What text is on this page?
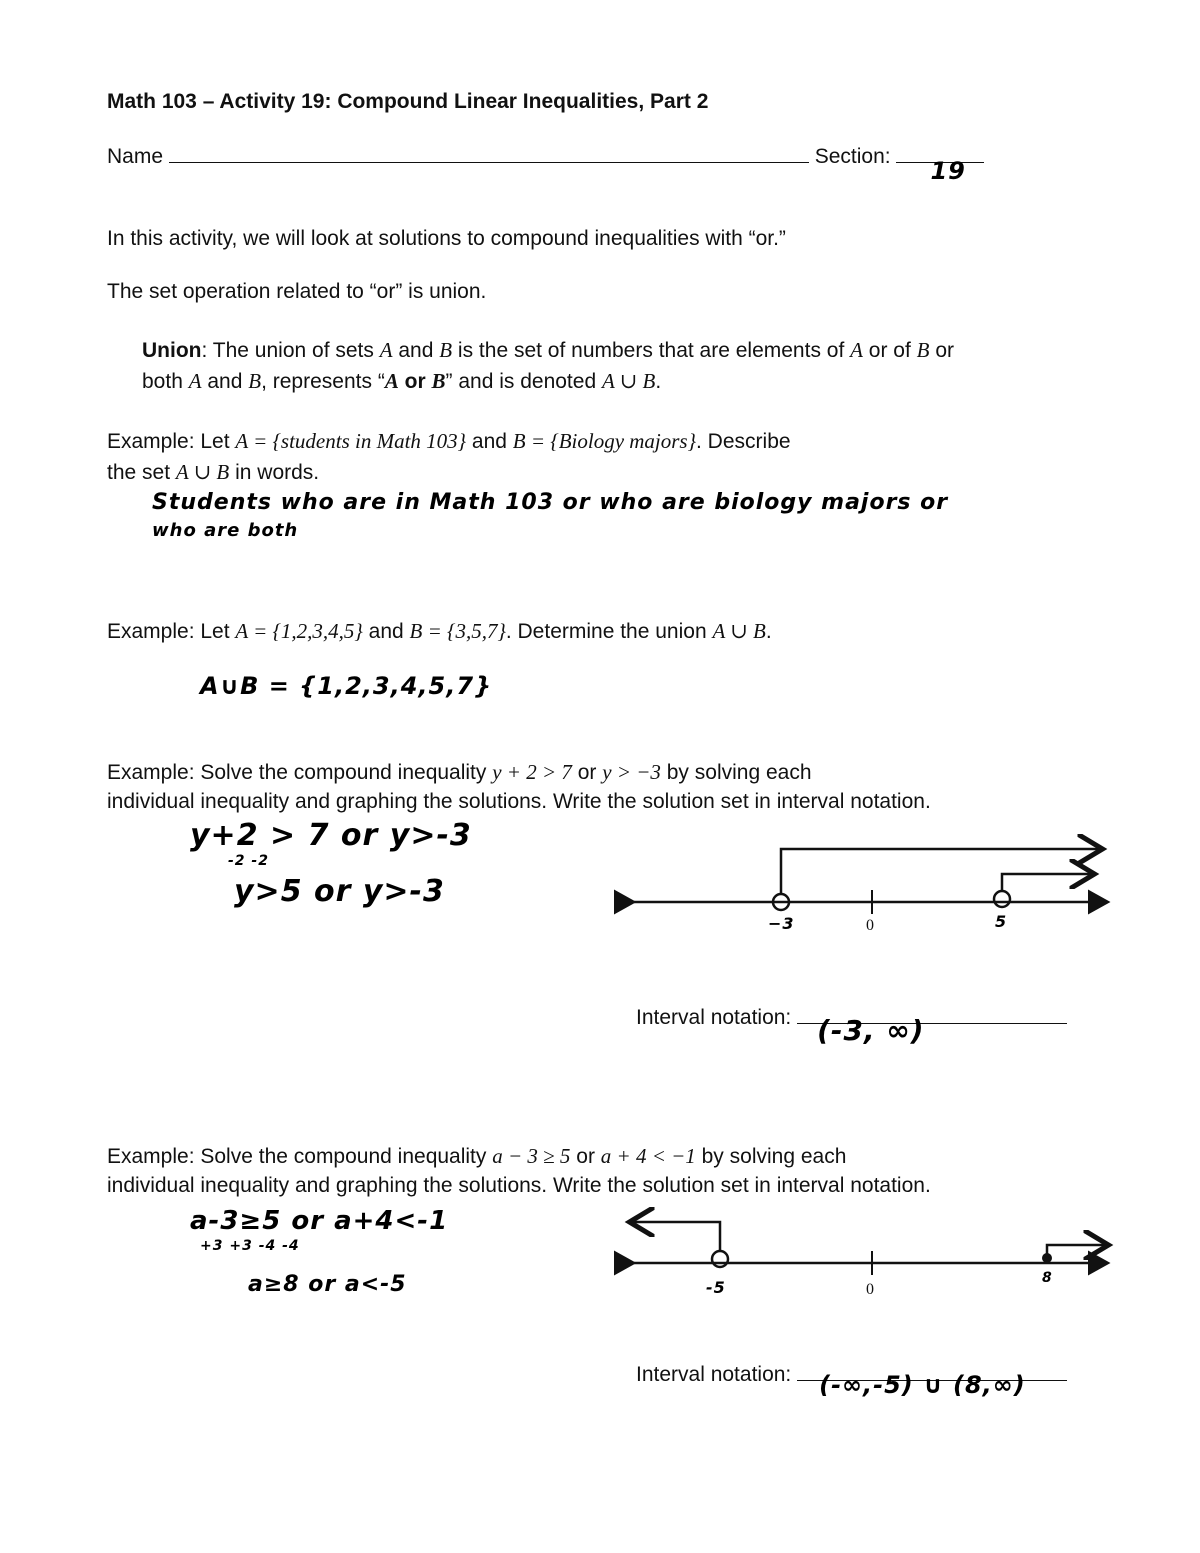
Math 103 – Activity 19: Compound Linear Inequalities, Part 2
Name	Section:
19
In this activity, we will look at solutions to compound inequalities with “or.”
The set operation related to “or” is union.
Union: The union of sets A and B is the set of numbers that are elements of A or of B or
both A and B, represents “A or B” and is denoted A ∪ B.
Example: Let A = {students in Math 103} and B = {Biology majors}. Describe
the set A ∪ B in words.
Students who are in Math 103 or who are biology majors or
who are both
Example: Let A = {1,2,3,4,5} and B = {3,5,7}. Determine the union A ∪ B.
A∪B = {1,2,3,4,5,7}
Example: Solve the compound inequality y + 2 > 7 or y > −3 by solving each
individual inequality and graphing the solutions. Write the solution set in interval notation.
y+2 > 7 or y>-3
-2 -2
y>5 or y>-3
−3	0	5
Interval notation: (-3, ∞)
Example: Solve the compound inequality a − 3 ≥ 5 or a + 4 < −1 by solving each
individual inequality and graphing the solutions. Write the solution set in interval notation.
a-3≥5 or a+4<-1
+3 +3 -4 -4
a≥8 or a<-5	-5	0
8
Interval notation: (-∞,-5) ∪ (8,∞)
